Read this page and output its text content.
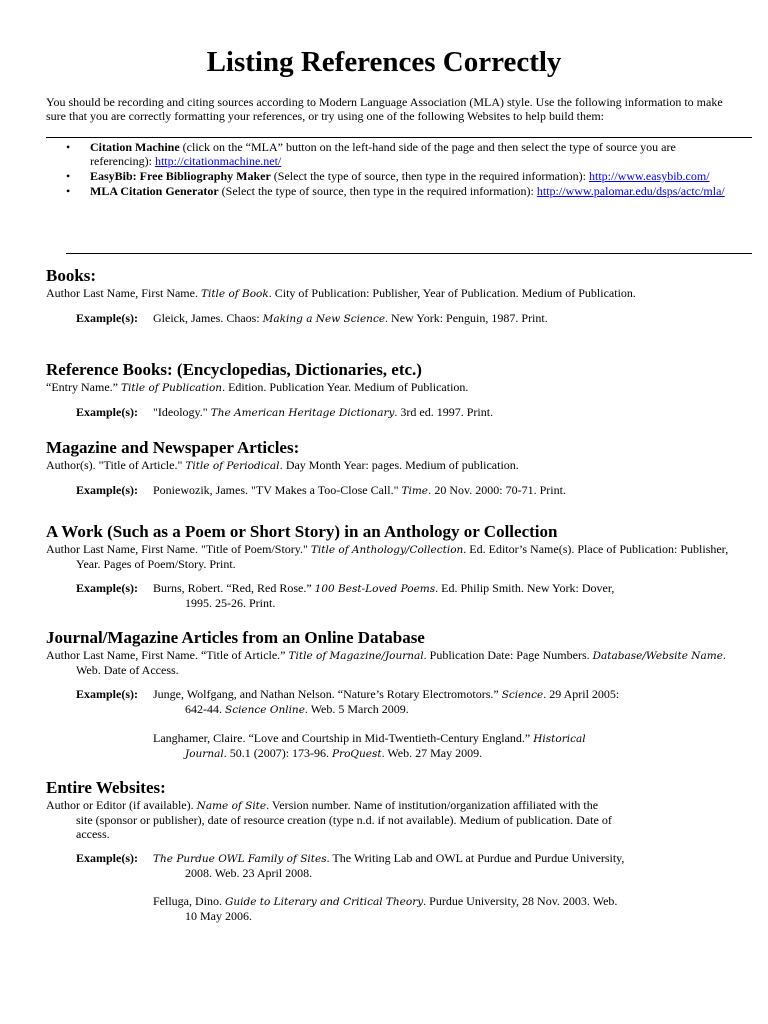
Listing References Correctly
You should be recording and citing sources according to Modern Language Association (MLA) style. Use the following information to make sure that you are correctly formatting your references, or try using one of the following Websites to help build them:
• Citation Machine (click on the “MLA” button on the left-hand side of the page and then select the type of source you are referencing): http://citationmachine.net/
• EasyBib: Free Bibliography Maker (Select the type of source, then type in the required information): http://www.easybib.com/
• MLA Citation Generator (Select the type of source, then type in the required information): http://www.palomar.edu/dsps/actc/mla/
Books:

Author Last Name, First Name. Title of Book. City of Publication: Publisher, Year of Publication. Medium of Publication.

Example(s): Gleick, James. Chaos: Making a New Science. New York: Penguin, 1987. Print.
Reference Books: (Encyclopedias, Dictionaries, etc.)

“Entry Name.” Title of Publication. Edition. Publication Year. Medium of Publication.

Example(s): "Ideology." The American Heritage Dictionary. 3rd ed. 1997. Print.
Magazine and Newspaper Articles:

Author(s). "Title of Article." Title of Periodical. Day Month Year: pages. Medium of publication.

Example(s): Poniewozik, James. "TV Makes a Too-Close Call." Time. 20 Nov. 2000: 70-71. Print.
A Work (Such as a Poem or Short Story) in an Anthology or Collection

Author Last Name, First Name. "Title of Poem/Story." Title of Anthology/Collection. Ed. Editor’s Name(s). Place of Publication: Publisher, Year. Pages of Poem/Story. Print.

Example(s): Burns, Robert. “Red, Red Rose.” 100 Best-Loved Poems. Ed. Philip Smith. New York: Dover, 1995. 25-26. Print.
Journal/Magazine Articles from an Online Database

Author Last Name, First Name. “Title of Article.” Title of Magazine/Journal. Publication Date: Page Numbers. Database/Website Name. Web. Date of Access.

Example(s): Junge, Wolfgang, and Nathan Nelson. “Nature’s Rotary Electromotors.” Science. 29 April 2005: 642-44. Science Online. Web. 5 March 2009.
Langhamer, Claire. “Love and Courtship in Mid-Twentieth-Century England.” Historical Journal. 50.1 (2007): 173-96. ProQuest. Web. 27 May 2009.
Entire Websites:

Author or Editor (if available). Name of Site. Version number. Name of institution/organization affiliated with the site (sponsor or publisher), date of resource creation (type n.d. if not available). Medium of publication. Date of access.

Example(s): The Purdue OWL Family of Sites. The Writing Lab and OWL at Purdue and Purdue University, 2008. Web. 23 April 2008.
Felluga, Dino. Guide to Literary and Critical Theory. Purdue University, 28 Nov. 2003. Web. 10 May 2006.
